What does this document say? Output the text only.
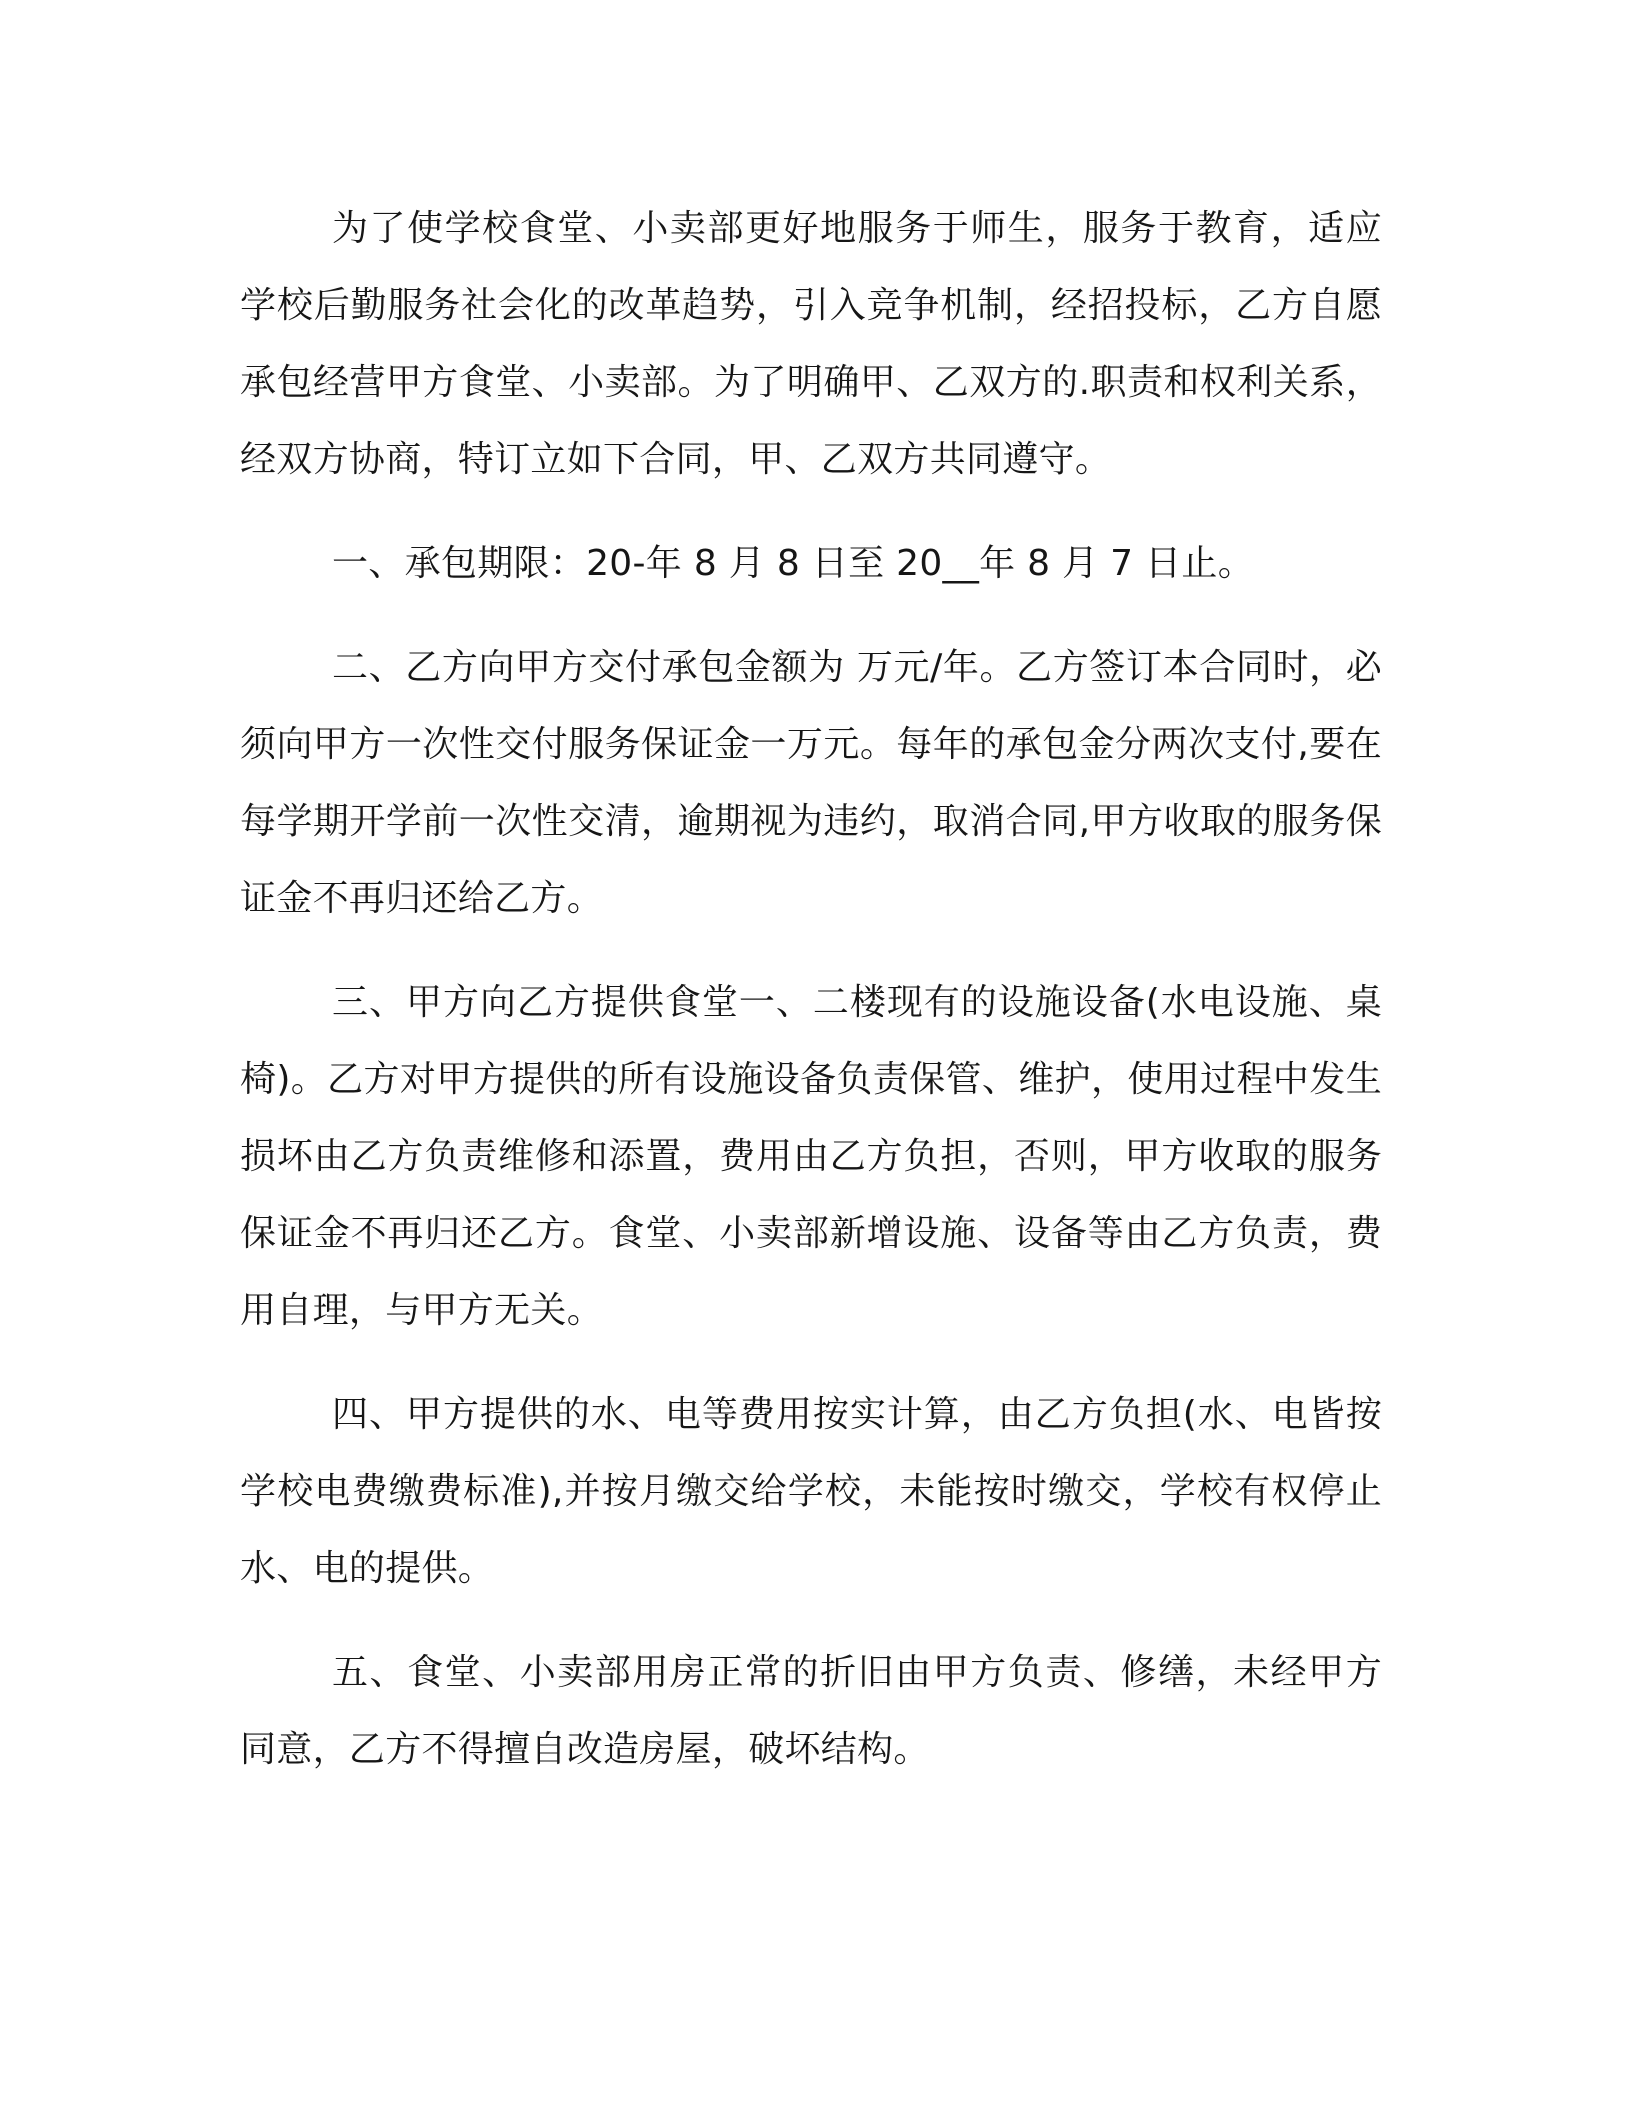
为了使学校食堂、小卖部更好地服务于师生，服务于教育，适应学校后勤服务社会化的改革趋势，引入竞争机制，经招投标，乙方自愿承包经营甲方食堂、小卖部。为了明确甲、乙双方的.职责和权利关系，经双方协商，特订立如下合同，甲、乙双方共同遵守。

一、承包期限：20-年 8 月 8 日至 20__年 8 月 7 日止。

二、乙方向甲方交付承包金额为 万元/年。乙方签订本合同时，必须向甲方一次性交付服务保证金一万元。每年的承包金分两次支付,要在每学期开学前一次性交清，逾期视为违约，取消合同,甲方收取的服务保证金不再归还给乙方。

三、甲方向乙方提供食堂一、二楼现有的设施设备(水电设施、桌椅)。乙方对甲方提供的所有设施设备负责保管、维护，使用过程中发生损坏由乙方负责维修和添置，费用由乙方负担，否则，甲方收取的服务保证金不再归还乙方。食堂、小卖部新增设施、设备等由乙方负责，费用自理，与甲方无关。

四、甲方提供的水、电等费用按实计算，由乙方负担(水、电皆按学校电费缴费标准),并按月缴交给学校，未能按时缴交，学校有权停止水、电的提供。

五、食堂、小卖部用房正常的折旧由甲方负责、修缮，未经甲方同意，乙方不得擅自改造房屋，破坏结构。
